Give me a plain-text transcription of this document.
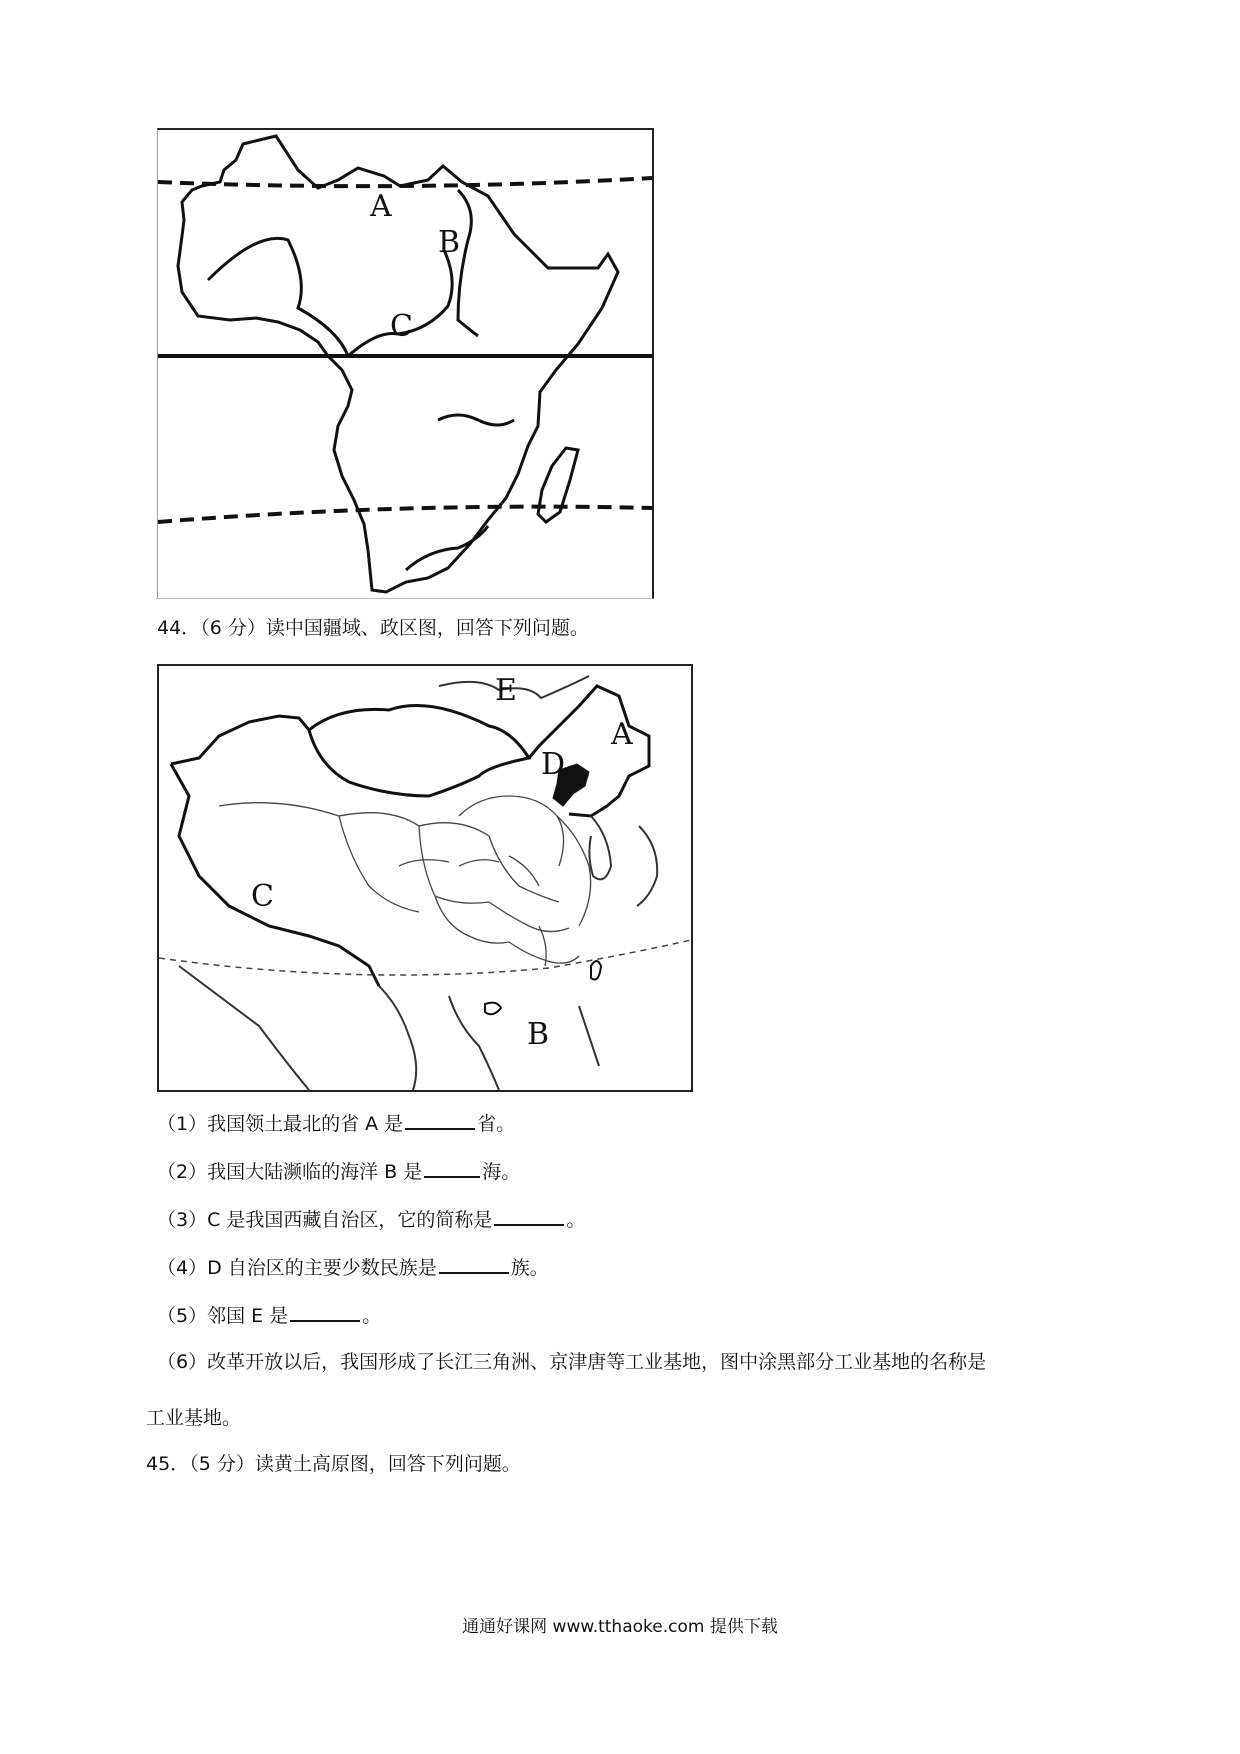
A
B
C
44．（6 分）读中国疆域、政区图，回答下列问题。
A
B
C
D
E
（1）我国领土最北的省 A 是	省。
（2）我国大陆濒临的海洋 B 是	海。
（3）C 是我国西藏自治区，它的简称是	。
（4）D 自治区的主要少数民族是	族。
（5）邻国 E 是	。
（6）改革开放以后，我国形成了长江三角洲、京津唐等工业基地，图中涂黑部分工业基地的名称是
工业基地。
45．（5 分）读黄土高原图，回答下列问题。
通通好课网 www.tthaoke.com 提供下载
